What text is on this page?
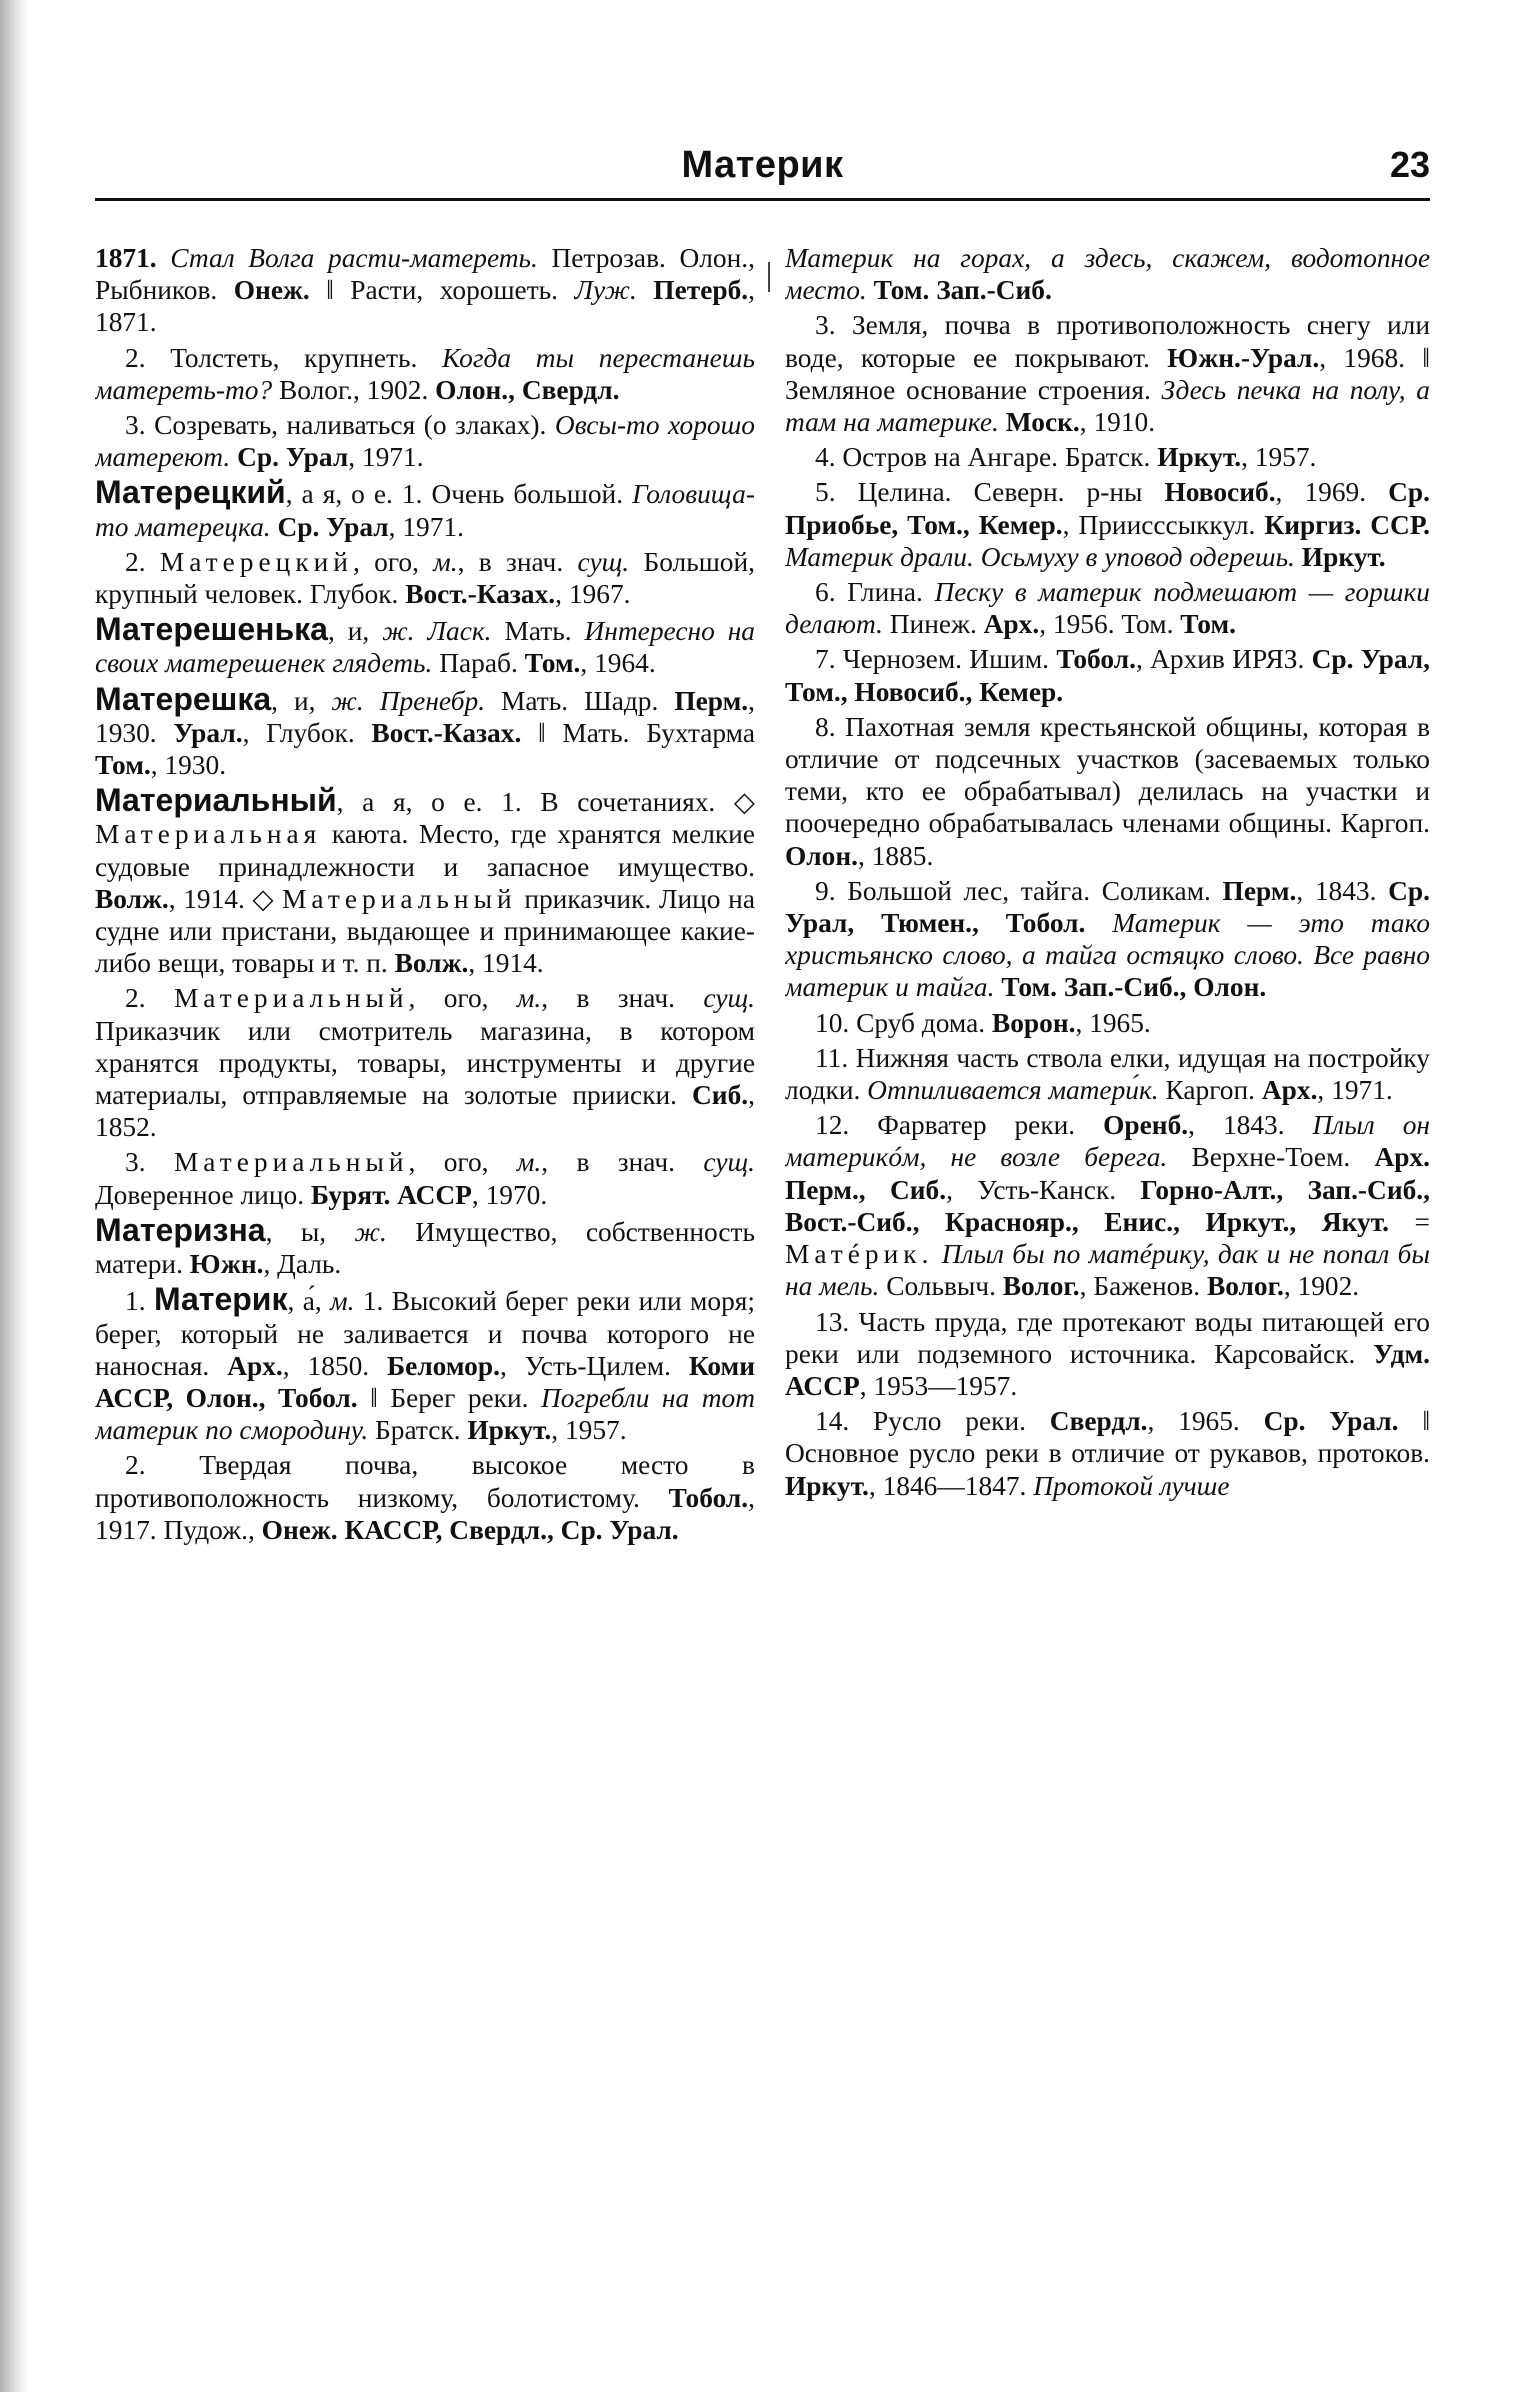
Материк	23

1871. Стал Волга расти-матереть. Петрозав. Олон., Рыбников. Онеж. ‖ Расти, хорошеть. Луж. Петерб., 1871.

2. Толстеть, крупнеть. Когда ты перестанешь матереть-то? Волог., 1902. Олон., Свердл.

3. Созревать, наливаться (о злаках). Овсы-то хорошо матереют. Ср. Урал, 1971.

Матерецкий, а я, о е. 1. Очень большой. Головища-то матерецка. Ср. Урал, 1971.

2. Матерецкий, ого, м., в знач. сущ. Большой, крупный человек. Глубок. Вост.-Казах., 1967.

Матерешенька, и, ж. Ласк. Мать. Интересно на своих матерешенек глядеть. Параб. Том., 1964.

Матерешка, и, ж. Пренебр. Мать. Шадр. Перм., 1930. Урал., Глубок. Вост.-Казах. ‖ Мать. Бухтарма Том., 1930.

Материальный, а я, о е. 1. В сочетаниях. ◇ Материальная каюта. Место, где хранятся мелкие судовые принадлежности и запасное имущество. Волж., 1914. ◇ Материальный приказчик. Лицо на судне или пристани, выдающее и принимающее какие-либо вещи, товары и т. п. Волж., 1914.

2. Материальный, ого, м., в знач. сущ. Приказчик или смотритель магазина, в котором хранятся продукты, товары, инструменты и другие материалы, отправляемые на золотые прииски. Сиб., 1852.

3. Материальный, ого, м., в знач. сущ. Доверенное лицо. Бурят. АССР, 1970.

Материзна, ы, ж. Имущество, собственность матери. Южн., Даль.

1. Материк, а́, м. 1. Высокий берег реки или моря; берег, который не заливается и почва которого не наносная. Арх., 1850. Беломор., Усть-Цилем. Коми АССР, Олон., Тобол. ‖ Берег реки. Погребли на тот материк по смородину. Братск. Иркут., 1957.

2. Твердая почва, высокое место в противоположность низкому, болотистому. Тобол., 1917. Пудож., Онеж. КАССР, Свердл., Ср. Урал.

Материк на горах, а здесь, скажем, водотопное место. Том. Зап.-Сиб.

3. Земля, почва в противоположность снегу или воде, которые ее покрывают. Южн.-Урал., 1968. ‖ Земляное основание строения. Здесь печка на полу, а там на материке. Моск., 1910.

4. Остров на Ангаре. Братск. Иркут., 1957.

5. Целина. Северн. р-ны Новосиб., 1969. Ср. Приобье, Том., Кемер., Приисссыккул. Киргиз. ССР. Материк драли. Осьмуху в уповод одерешь. Иркут.

6. Глина. Песку в материк подмешают — горшки делают. Пинеж. Арх., 1956. Том. Том.

7. Чернозем. Ишим. Тобол., Архив ИРЯЗ. Ср. Урал, Том., Новосиб., Кемер.

8. Пахотная земля крестьянской общины, которая в отличие от подсечных участков (засеваемых только теми, кто ее обрабатывал) делилась на участки и поочередно обрабатывалась членами общины. Каргоп. Олон., 1885.

9. Большой лес, тайга. Соликам. Перм., 1843. Ср. Урал, Тюмен., Тобол. Материк — это тако христьянско слово, а тайга остяцко слово. Все равно материк и тайга. Том. Зап.-Сиб., Олон.

10. Сруб дома. Ворон., 1965.

11. Нижняя часть ствола елки, идущая на постройку лодки. Отпиливается матери́к. Каргоп. Арх., 1971.

12. Фарватер реки. Оренб., 1843. Плыл он материкóм, не возле берега. Верхне-Тоем. Арх. Перм., Сиб., Усть-Канск. Горно-Алт., Зап.-Сиб., Вост.-Сиб., Краснояр., Енис., Иркут., Якут. = Матéрик. Плыл бы по матéрику, дак и не попал бы на мель. Сольвыч. Волог., Баженов. Волог., 1902.

13. Часть пруда, где протекают воды питающей его реки или подземного источника. Карсовайск. Удм. АССР, 1953—1957.

14. Русло реки. Свердл., 1965. Ср. Урал. ‖ Основное русло реки в отличие от рукавов, протоков. Иркут., 1846—1847. Протокой лучше
